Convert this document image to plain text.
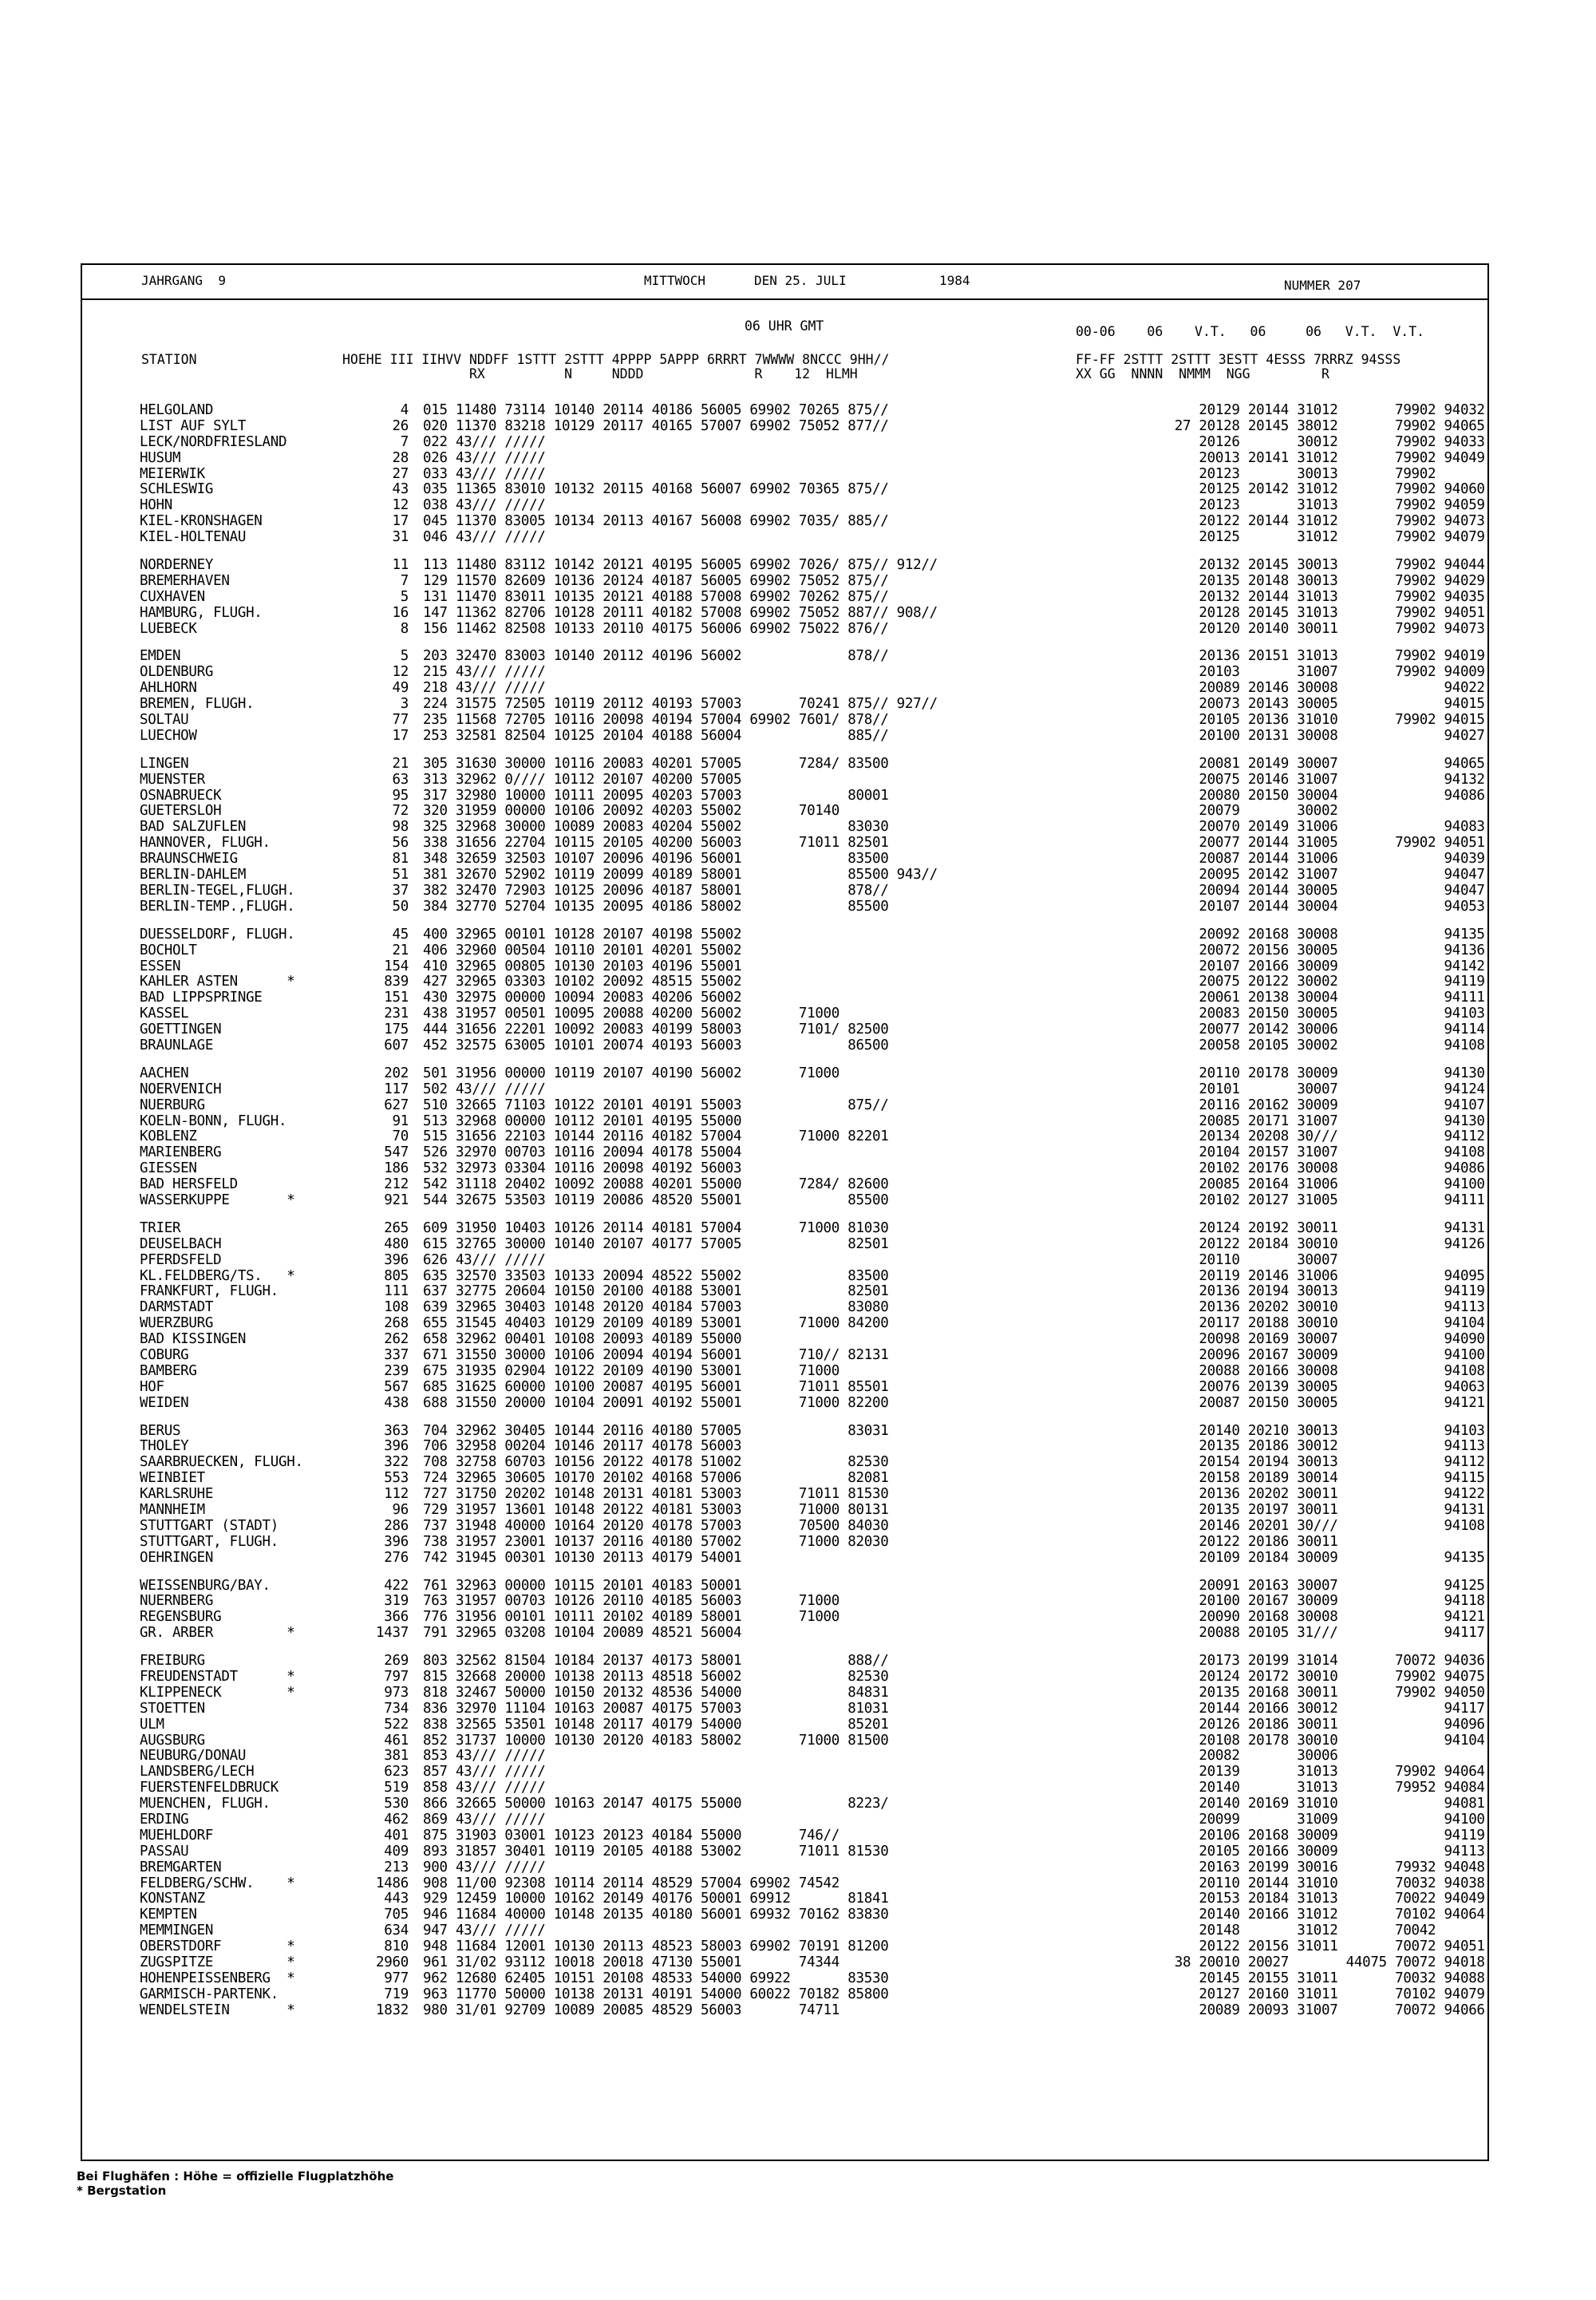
JAHRGANG  9	MITTWOCH	DEN 25. JULI	1984	NUMMER 207
06 UHR GMT	00-06    06    V.T.   06     06   V.T.  V.T.
STATION	HOEHE III IIHVV NDDFF 1STTT 2STTT 4PPPP 5APPP 6RRRT 7WWWW 8NCCC 9HH//	FF-FF 2STTT 2STTT 3ESTT 4ESSS 7RRRZ 94SSS
RX          N     NDDD              R    12  HLMH	XX GG  NNNN  NMMM  NGG         R
HELGOLAND	4 015 11480 73114 10140 20114 40186 56005 69902 70265 875//	20129 20144 31012       79902 94032
LIST AUF SYLT	26 020 11370 83218 10129 20117 40165 57007 69902 75052 877//	27 20128 20145 38012       79902 94065
LECK/NORDFRIESLAND	7 022 43/// /////	20126       30012       79902 94033
HUSUM	28 026 43/// /////	20013 20141 31012       79902 94049
MEIERWIK	27 033 43/// /////	20123       30013       79902
SCHLESWIG	43 035 11365 83010 10132 20115 40168 56007 69902 70365 875//	20125 20142 31012       79902 94060
HOHN	12 038 43/// /////	20123       31013       79902 94059
KIEL-KRONSHAGEN	17 045 11370 83005 10134 20113 40167 56008 69902 7035/ 885//	20122 20144 31012       79902 94073
KIEL-HOLTENAU	31 046 43/// /////	20125       31012       79902 94079
NORDERNEY	11 113 11480 83112 10142 20121 40195 56005 69902 7026/ 875// 912//	20132 20145 30013       79902 94044
BREMERHAVEN	7 129 11570 82609 10136 20124 40187 56005 69902 75052 875//	20135 20148 30013       79902 94029
CUXHAVEN	5 131 11470 83011 10135 20121 40188 57008 69902 70262 875//	20132 20144 31013       79902 94035
HAMBURG, FLUGH.	16 147 11362 82706 10128 20111 40182 57008 69902 75052 887// 908//	20128 20145 31013       79902 94051
LUEBECK	8 156 11462 82508 10133 20110 40175 56006 69902 75022 876//	20120 20140 30011       79902 94073
EMDEN	5 203 32470 83003 10140 20112 40196 56002             878//	20136 20151 31013       79902 94019
OLDENBURG	12 215 43/// /////	20103       31007       79902 94009
AHLHORN	49 218 43/// /////	20089 20146 30008             94022
BREMEN, FLUGH.	3 224 31575 72505 10119 20112 40193 57003       70241 875// 927//	20073 20143 30005             94015
SOLTAU	77 235 11568 72705 10116 20098 40194 57004 69902 7601/ 878//	20105 20136 31010       79902 94015
LUECHOW	17 253 32581 82504 10125 20104 40188 56004             885//	20100 20131 30008             94027
LINGEN	21 305 31630 30000 10116 20083 40201 57005       7284/ 83500	20081 20149 30007             94065
MUENSTER	63 313 32962 0//// 10112 20107 40200 57005	20075 20146 31007             94132
OSNABRUECK	95 317 32980 10000 10111 20095 40203 57003             80001	20080 20150 30004             94086
GUETERSLOH	72 320 31959 00000 10106 20092 40203 55002       70140	20079       30002
BAD SALZUFLEN	98 325 32968 30000 10089 20083 40204 55002             83030	20070 20149 31006             94083
HANNOVER, FLUGH.	56 338 31656 22704 10115 20105 40200 56003       71011 82501	20077 20144 31005       79902 94051
BRAUNSCHWEIG	81 348 32659 32503 10107 20096 40196 56001             83500	20087 20144 31006             94039
BERLIN-DAHLEM	51 381 32670 52902 10119 20099 40189 58001             85500 943//	20095 20142 31007             94047
BERLIN-TEGEL,FLUGH.	37 382 32470 72903 10125 20096 40187 58001             878//	20094 20144 30005             94047
BERLIN-TEMP.,FLUGH.	50 384 32770 52704 10135 20095 40186 58002             85500	20107 20144 30004             94053
DUESSELDORF, FLUGH.	45 400 32965 00101 10128 20107 40198 55002	20092 20168 30008             94135
BOCHOLT	21 406 32960 00504 10110 20101 40201 55002	20072 20156 30005             94136
ESSEN	154 410 32965 00805 10130 20103 40196 55001	20107 20166 30009             94142
KAHLER ASTEN      *	839 427 32965 03303 10102 20092 48515 55002	20075 20122 30002             94119
BAD LIPPSPRINGE	151 430 32975 00000 10094 20083 40206 56002	20061 20138 30004             94111
KASSEL	231 438 31957 00501 10095 20088 40200 56002       71000	20083 20150 30005             94103
GOETTINGEN	175 444 31656 22201 10092 20083 40199 58003       7101/ 82500	20077 20142 30006             94114
BRAUNLAGE	607 452 32575 63005 10101 20074 40193 56003             86500	20058 20105 30002             94108
AACHEN	202 501 31956 00000 10119 20107 40190 56002       71000	20110 20178 30009             94130
NOERVENICH	117 502 43/// /////	20101       30007             94124
NUERBURG	627 510 32665 71103 10122 20101 40191 55003             875//	20116 20162 30009             94107
KOELN-BONN, FLUGH.	91 513 32968 00000 10112 20101 40195 55000	20085 20171 31007             94130
KOBLENZ	70 515 31656 22103 10144 20116 40182 57004       71000 82201	20134 20208 30///             94112
MARIENBERG	547 526 32970 00703 10116 20094 40178 55004	20104 20157 31007             94108
GIESSEN	186 532 32973 03304 10116 20098 40192 56003	20102 20176 30008             94086
BAD HERSFELD	212 542 31118 20402 10092 20088 40201 55000       7284/ 82600	20085 20164 31006             94100
WASSERKUPPE       *	921 544 32675 53503 10119 20086 48520 55001             85500	20102 20127 31005             94111
TRIER	265 609 31950 10403 10126 20114 40181 57004       71000 81030	20124 20192 30011             94131
DEUSELBACH	480 615 32765 30000 10140 20107 40177 57005             82501	20122 20184 30010             94126
PFERDSFELD	396 626 43/// /////	20110       30007
KL.FELDBERG/TS.   *	805 635 32570 33503 10133 20094 48522 55002             83500	20119 20146 31006             94095
FRANKFURT, FLUGH.	111 637 32775 20604 10150 20100 40188 53001             82501	20136 20194 30013             94119
DARMSTADT	108 639 32965 30403 10148 20120 40184 57003             83080	20136 20202 30010             94113
WUERZBURG	268 655 31545 40403 10129 20109 40189 53001       71000 84200	20117 20188 30010             94104
BAD KISSINGEN	262 658 32962 00401 10108 20093 40189 55000	20098 20169 30007             94090
COBURG	337 671 31550 30000 10106 20094 40194 56001       710// 82131	20096 20167 30009             94100
BAMBERG	239 675 31935 02904 10122 20109 40190 53001       71000	20088 20166 30008             94108
HOF	567 685 31625 60000 10100 20087 40195 56001       71011 85501	20076 20139 30005             94063
WEIDEN	438 688 31550 20000 10104 20091 40192 55001       71000 82200	20087 20150 30005             94121
BERUS	363 704 32962 30405 10144 20116 40180 57005             83031	20140 20210 30013             94103
THOLEY	396 706 32958 00204 10146 20117 40178 56003	20135 20186 30012             94113
SAARBRUECKEN, FLUGH.	322 708 32758 60703 10156 20122 40178 51002             82530	20154 20194 30013             94112
WEINBIET	553 724 32965 30605 10170 20102 40168 57006             82081	20158 20189 30014             94115
KARLSRUHE	112 727 31750 20202 10148 20131 40181 53003       71011 81530	20136 20202 30011             94122
MANNHEIM	96 729 31957 13601 10148 20122 40181 53003       71000 80131	20135 20197 30011             94131
STUTTGART (STADT)	286 737 31948 40000 10164 20120 40178 57003       70500 84030	20146 20201 30///             94108
STUTTGART, FLUGH.	396 738 31957 23001 10137 20116 40180 57002       71000 82030	20122 20186 30011
OEHRINGEN	276 742 31945 00301 10130 20113 40179 54001	20109 20184 30009             94135
WEISSENBURG/BAY.	422 761 32963 00000 10115 20101 40183 50001	20091 20163 30007             94125
NUERNBERG	319 763 31957 00703 10126 20110 40185 56003       71000	20100 20167 30009             94118
REGENSBURG	366 776 31956 00101 10111 20102 40189 58001       71000	20090 20168 30008             94121
GR. ARBER         *	1437 791 32965 03208 10104 20089 48521 56004	20088 20105 31///             94117
FREIBURG	269 803 32562 81504 10184 20137 40173 58001             888//	20173 20199 31014       70072 94036
FREUDENSTADT      *	797 815 32668 20000 10138 20113 48518 56002             82530	20124 20172 30010       79902 94075
KLIPPENECK        *	973 818 32467 50000 10150 20132 48536 54000             84831	20135 20168 30011       79902 94050
STOETTEN	734 836 32970 11104 10163 20087 40175 57003             81031	20144 20166 30012             94117
ULM	522 838 32565 53501 10148 20117 40179 54000             85201	20126 20186 30011             94096
AUGSBURG	461 852 31737 10000 10130 20120 40183 58002       71000 81500	20108 20178 30010             94104
NEUBURG/DONAU	381 853 43/// /////	20082       30006
LANDSBERG/LECH	623 857 43/// /////	20139       31013       79902 94064
FUERSTENFELDBRUCK	519 858 43/// /////	20140       31013       79952 94084
MUENCHEN, FLUGH.	530 866 32665 50000 10163 20147 40175 55000             8223/	20140 20169 31010             94081
ERDING	462 869 43/// /////	20099       31009             94100
MUEHLDORF	401 875 31903 03001 10123 20123 40184 55000       746//	20106 20168 30009             94119
PASSAU	409 893 31857 30401 10119 20105 40188 53002       71011 81530	20105 20166 30009             94113
BREMGARTEN	213 900 43/// /////	20163 20199 30016       79932 94048
FELDBERG/SCHW.    *	1486 908 11/00 92308 10114 20114 48529 57004 69902 74542	20110 20144 31010       70032 94038
KONSTANZ	443 929 12459 10000 10162 20149 40176 50001 69912       81841	20153 20184 31013       70022 94049
KEMPTEN	705 946 11684 40000 10148 20135 40180 56001 69932 70162 83830	20140 20166 31012       70102 94064
MEMMINGEN	634 947 43/// /////	20148       31012       70042
OBERSTDORF        *	810 948 11684 12001 10130 20113 48523 58003 69902 70191 81200	20122 20156 31011       70072 94051
ZUGSPITZE         *	2960 961 31/02 93112 10018 20018 47130 55001       74344	38 20010 20027       44075 70072 94018
HOHENPEISSENBERG  *	977 962 12680 62405 10151 20108 48533 54000 69922       83530	20145 20155 31011       70032 94088
GARMISCH-PARTENK.	719 963 11770 50000 10138 20131 40191 54000 60022 70182 85800	20127 20160 31011       70102 94079
WENDELSTEIN       *	1832 980 31/01 92709 10089 20085 48529 56003       74711	20089 20093 31007       70072 94066
Bei Flughäfen : Höhe = offizielle Flugplatzhöhe
* Bergstation
